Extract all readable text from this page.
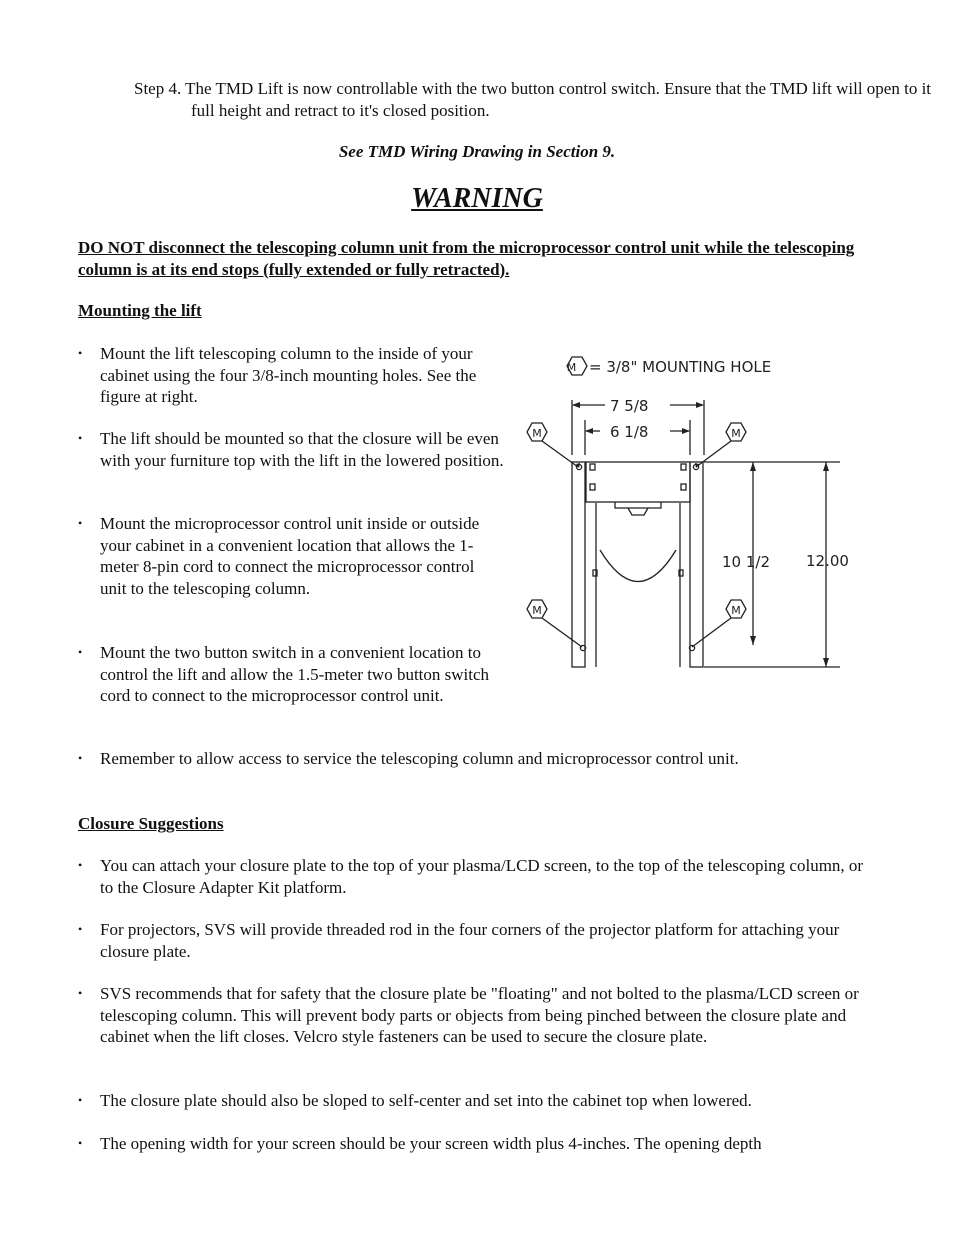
Step 4. The TMD Lift is now controllable with the two button control switch. Ensure that the TMD lift will open to it full height and retract to it's closed position.
See TMD Wiring Drawing in Section 9.
WARNING
DO NOT disconnect the telescoping column unit from the microprocessor control unit while the telescoping column is at its end stops (fully extended or fully retracted).
Mounting the lift
• Mount the lift telescoping column to the inside of your cabinet using the four 3/8-inch mounting holes. See the figure at right.
• The lift should be mounted so that the closure will be even with your furniture top with the lift in the lowered position.
• Mount the microprocessor control unit inside or outside your cabinet in a convenient location that allows the 1-meter 8-pin cord to connect the microprocessor control unit to the telescoping column.
• Mount the two button switch in a convenient location to control the lift and allow the 1.5-meter two button switch cord to connect to the microprocessor control unit.
• Remember to allow access to service the telescoping column and microprocessor control unit.
M = 3/8" MOUNTING HOLE
7 5/8
6 1/8
10 1/2 12.00
M	M
M	M
Closure Suggestions
• You can attach your closure plate to the top of your plasma/LCD screen, to the top of the telescoping column, or to the Closure Adapter Kit platform.
• For projectors, SVS will provide threaded rod in the four corners of the projector platform for attaching your closure plate.
• SVS recommends that for safety that the closure plate be "floating" and not bolted to the plasma/LCD screen or telescoping column. This will prevent body parts or objects from being pinched between the closure plate and cabinet when the lift closes. Velcro style fasteners can be used to secure the closure plate.
• The closure plate should also be sloped to self-center and set into the cabinet top when lowered.
• The opening width for your screen should be your screen width plus 4-inches. The opening depth
